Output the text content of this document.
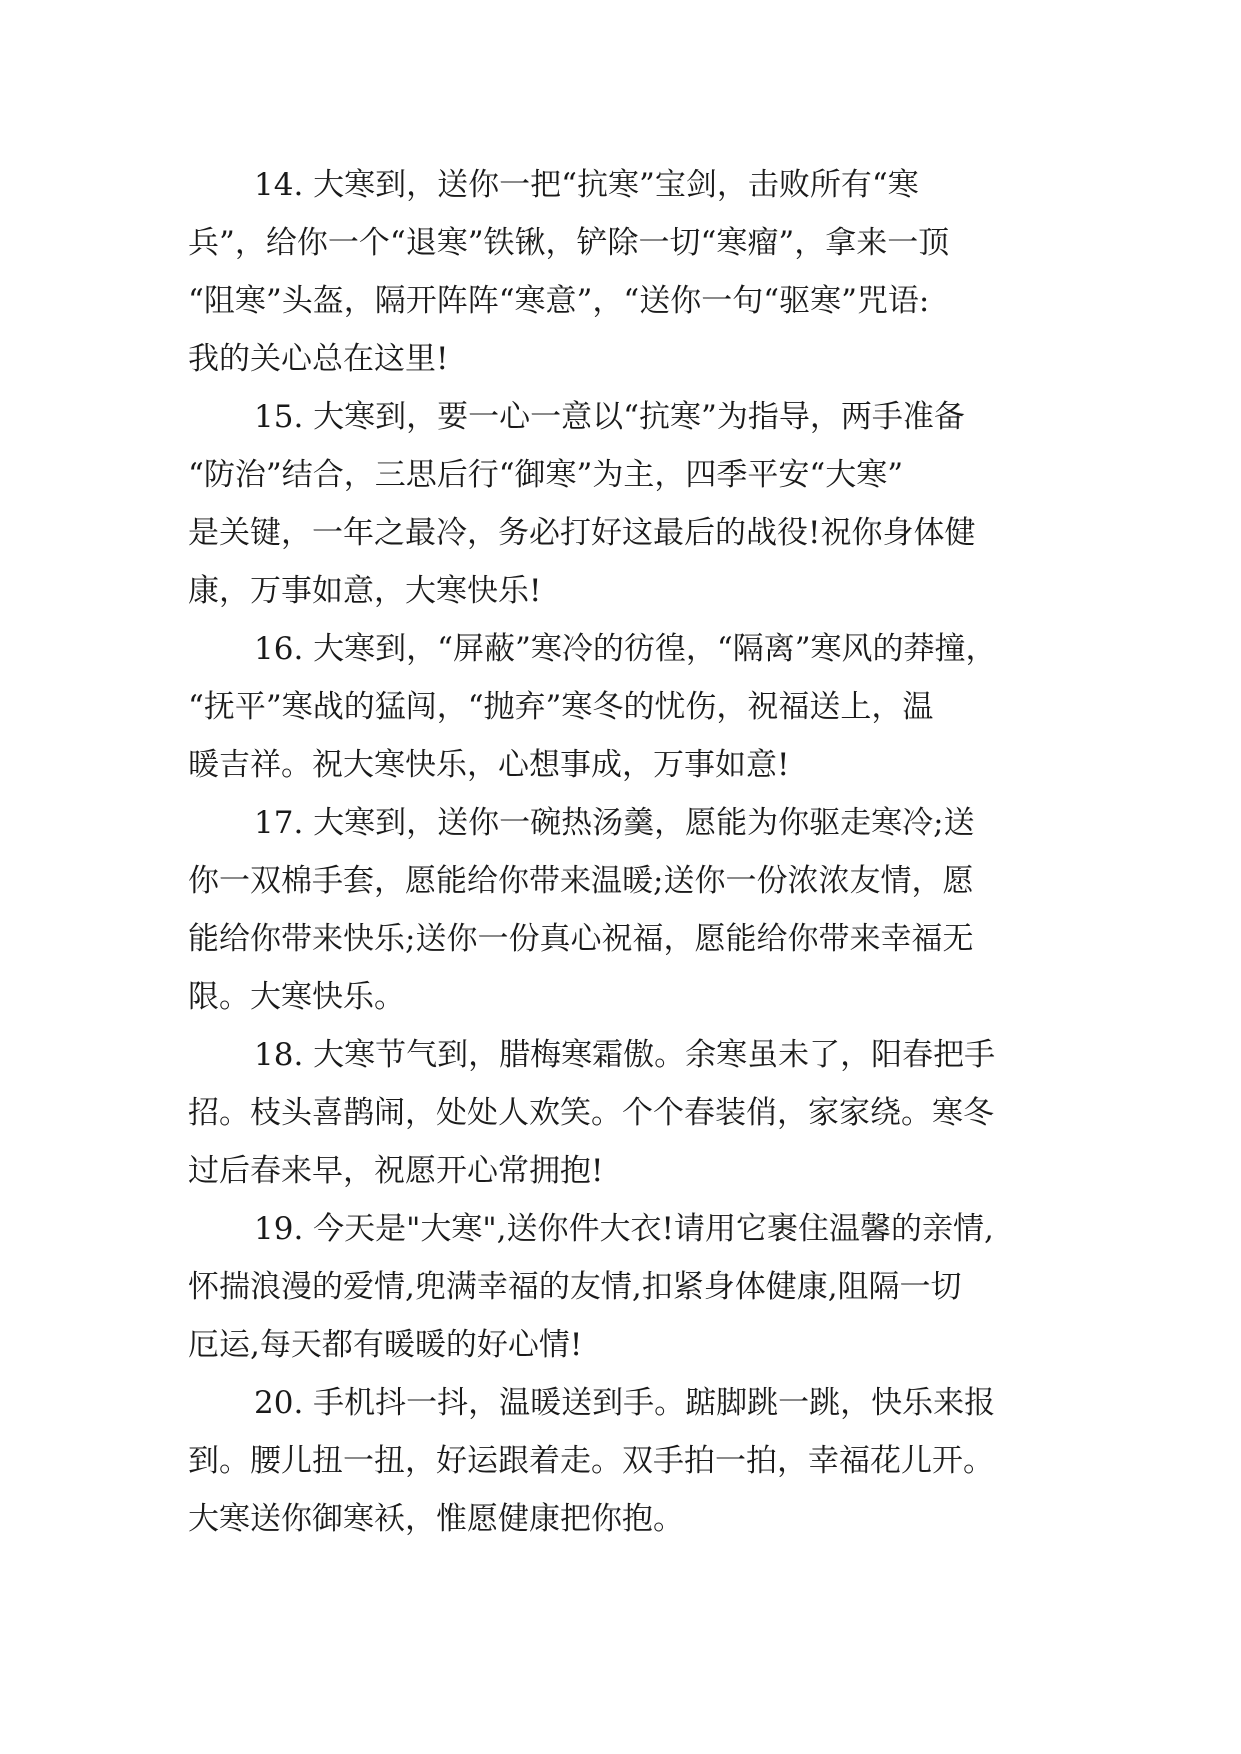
14. 大寒到，送你一把“抗寒”宝剑，击败所有“寒
兵”，给你一个“退寒”铁锹，铲除一切“寒瘤”，拿来一顶
“阻寒”头盔，隔开阵阵“寒意”，“送你一句“驱寒”咒语:
我的关心总在这里!
15. 大寒到，要一心一意以“抗寒”为指导，两手准备
“防治”结合，三思后行“御寒”为主，四季平安“大寒”
是关键，一年之最冷，务必打好这最后的战役!祝你身体健
康，万事如意，大寒快乐!
16. 大寒到，“屏蔽”寒冷的彷徨，“隔离”寒风的莽撞，
“抚平”寒战的猛闯，“抛弃”寒冬的忧伤，祝福送上，温
暖吉祥。祝大寒快乐，心想事成，万事如意!
17. 大寒到，送你一碗热汤羹，愿能为你驱走寒冷;送
你一双棉手套，愿能给你带来温暖;送你一份浓浓友情，愿
能给你带来快乐;送你一份真心祝福，愿能给你带来幸福无
限。大寒快乐。
18. 大寒节气到，腊梅寒霜傲。余寒虽未了，阳春把手
招。枝头喜鹊闹，处处人欢笑。个个春装俏，家家绕。寒冬
过后春来早，祝愿开心常拥抱!
19. 今天是"大寒",送你件大衣!请用它裹住温馨的亲情,
怀揣浪漫的爱情,兜满幸福的友情,扣紧身体健康,阻隔一切
厄运,每天都有暖暖的好心情!
20. 手机抖一抖，温暖送到手。踮脚跳一跳，快乐来报
到。腰儿扭一扭，好运跟着走。双手拍一拍，幸福花儿开。
大寒送你御寒袄，惟愿健康把你抱。
